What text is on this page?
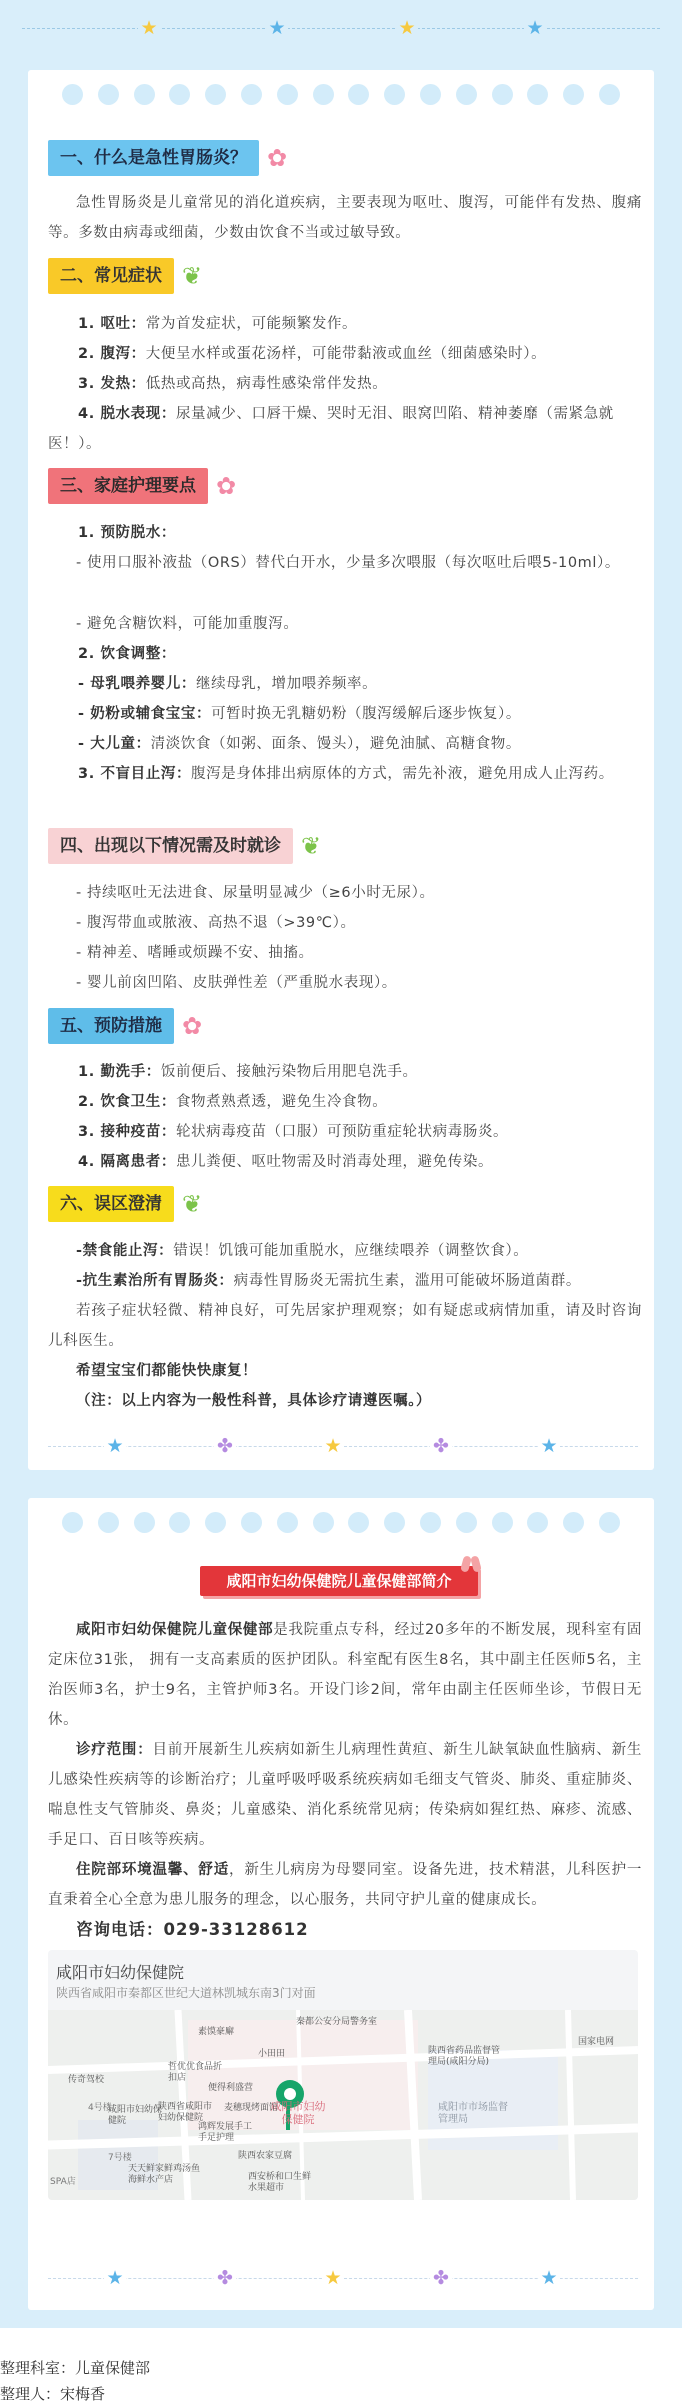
★	★	★	★
一、什么是急性胃肠炎？ ✿
急性胃肠炎是儿童常见的消化道疾病，主要表现为呕吐、腹泻，可能伴有发热、腹痛等。多数由病毒或细菌，少数由饮食不当或过敏导致。
二、常见症状 ❦
1. 呕吐：常为首发症状，可能频繁发作。
2. 腹泻：大便呈水样或蛋花汤样，可能带黏液或血丝（细菌感染时）。
3. 发热：低热或高热，病毒性感染常伴发热。
4. 脱水表现：尿量减少、口唇干燥、哭时无泪、眼窝凹陷、精神萎靡（需紧急就医！）。
三、家庭护理要点 ✿
1. 预防脱水：
- 使用口服补液盐（ORS）替代白开水，少量多次喂服（每次呕吐后喂5-10ml）。
- 避免含糖饮料，可能加重腹泻。
2. 饮食调整：
- 母乳喂养婴儿：继续母乳，增加喂养频率。
- 奶粉或辅食宝宝：可暂时换无乳糖奶粉（腹泻缓解后逐步恢复）。
- 大儿童：清淡饮食（如粥、面条、馒头），避免油腻、高糖食物。
3. 不盲目止泻：腹泻是身体排出病原体的方式，需先补液，避免用成人止泻药。
四、出现以下情况需及时就诊 ❦
- 持续呕吐无法进食、尿量明显减少（≥6小时无尿）。
- 腹泻带血或脓液、高热不退（>39℃）。
- 精神差、嗜睡或烦躁不安、抽搐。
- 婴儿前囟凹陷、皮肤弹性差（严重脱水表现）。
五、预防措施 ✿
1. 勤洗手：饭前便后、接触污染物后用肥皂洗手。
2. 饮食卫生：食物煮熟煮透，避免生冷食物。
3. 接种疫苗：轮状病毒疫苗（口服）可预防重症轮状病毒肠炎。
4. 隔离患者：患儿粪便、呕吐物需及时消毒处理，避免传染。
六、误区澄清 ❦
-禁食能止泻：错误！饥饿可能加重脱水，应继续喂养（调整饮食）。
-抗生素治所有胃肠炎：病毒性胃肠炎无需抗生素，滥用可能破坏肠道菌群。
若孩子症状轻微、精神良好，可先居家护理观察；如有疑虑或病情加重，请及时咨询儿科医生。
希望宝宝们都能快快康复！
（注：以上内容为一般性科普，具体诊疗请遵医嘱。）
★	✤	★	✤	★
咸阳市妇幼保健院儿童保健部简介
咸阳市妇幼保健院儿童保健部是我院重点专科，经过20多年的不断发展，现科室有固定床位31张， 拥有一支高素质的医护团队。科室配有医生8名，其中副主任医师5名，主治医师3名，护士9名，主管护师3名。开设门诊2间，常年由副主任医师坐诊，节假日无休。
诊疗范围：目前开展新生儿疾病如新生儿病理性黄疸、新生儿缺氧缺血性脑病、新生儿感染性疾病等的诊断治疗；儿童呼吸呼吸系统疾病如毛细支气管炎、肺炎、重症肺炎、喘息性支气管肺炎、鼻炎；儿童感染、消化系统常见病；传染病如猩红热、麻疹、流感、手足口、百日咳等疾病。
住院部环境温馨、舒适，新生儿病房为母婴同室。设备先进，技术精湛，儿科医护一直秉着全心全意为患儿服务的理念，以心服务，共同守护儿童的健康成长。
咨询电话：029-33128612
咸阳市妇幼保健院
陕西省咸阳市秦都区世纪大道林凯城东南3门对面
咸阳市妇幼保健院
秦都公安分局警务室
素馍豪廨
小田田	陕西省药品监督管理局(咸阳分局)
国家电网
传奇驾校
哲优优食品折扣店
便得利盛营
陕西省咸阳市妇幼保健院
咸阳市妇幼保健院
麦穗现烤面馆
鸿辉发展手工手足护理
咸阳市市场监督管理局
陕西农家豆腐
天天鲜家鲜鸡汤鱼海鲜水产店	西安桥和口生鲜水果超市
4号楼
7号楼
SPA店
★	✤	★	✤	★
整理科室：儿童保健部
整理人：宋梅香
